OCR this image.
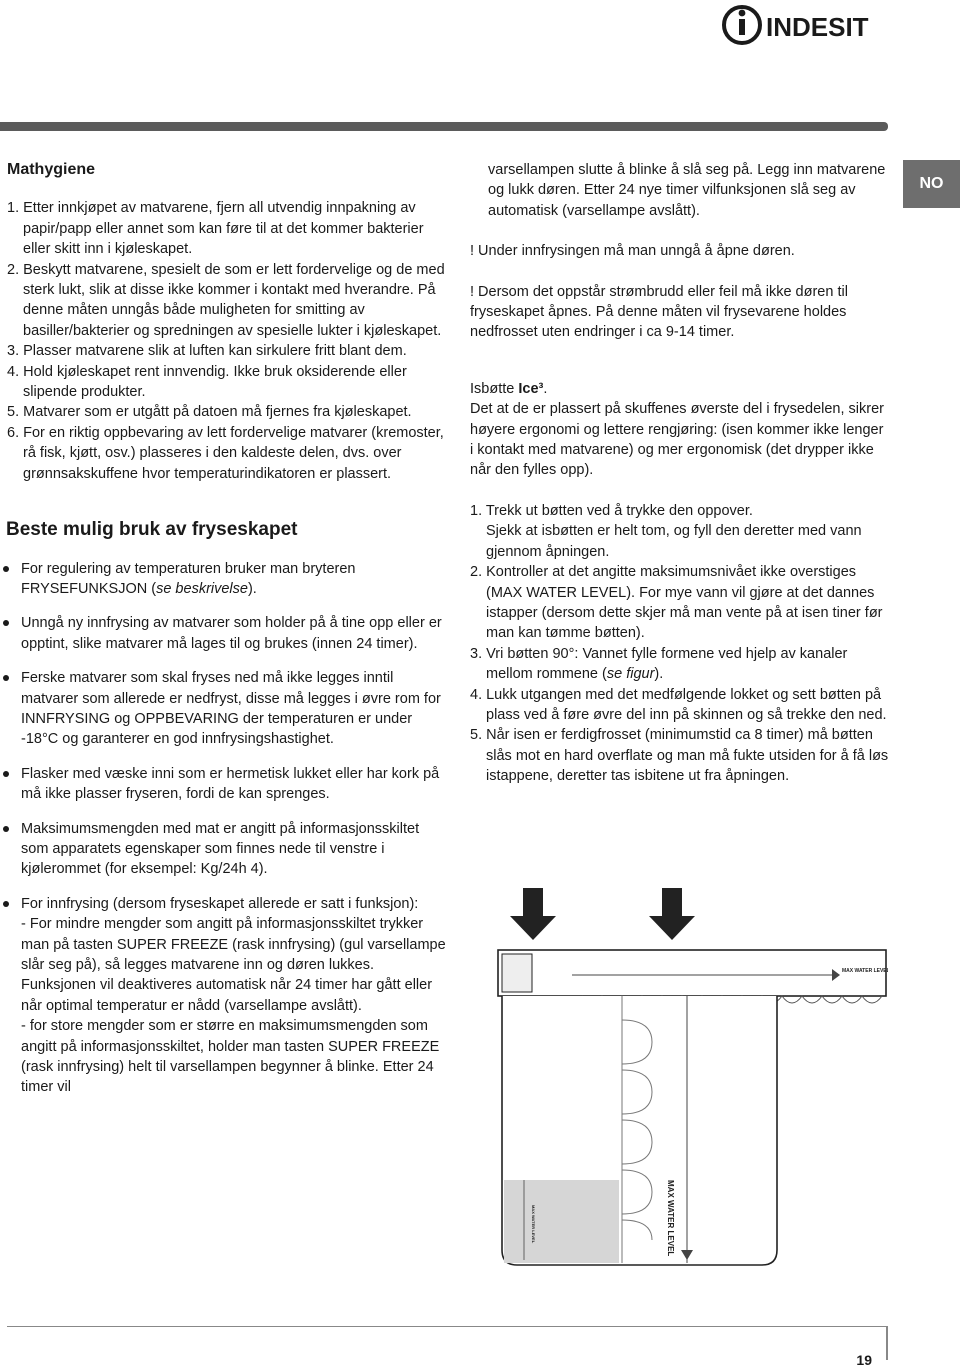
INDESIT
NO
Mathygiene
1. Etter innkjøpet av matvarene, fjern all utvendig innpakning av papir/papp eller annet som kan føre til at det kommer bakterier eller skitt inn i kjøleskapet.
2. Beskytt matvarene, spesielt de som er lett fordervelige og de med sterk lukt, slik at disse ikke kommer i kontakt med hverandre. På denne måten unngås både muligheten for smitting av basiller/bakterier og spredningen av spesielle lukter i kjøleskapet.
3. Plasser matvarene slik at luften kan sirkulere fritt blant dem.
4. Hold kjøleskapet rent innvendig. Ikke bruk oksiderende eller slipende produkter.
5. Matvarer som er utgått på datoen må fjernes fra kjøleskapet.
6. For en riktig oppbevaring av lett fordervelige matvarer (kremoster, rå fisk, kjøtt, osv.) plasseres i den kaldeste delen, dvs. over grønnsakskuffene hvor temperaturindikatoren er plassert.
Beste mulig bruk av fryseskapet
For regulering av temperaturen bruker man bryteren FRYSEFUNKSJON (se beskrivelse).
Unngå ny innfrysing av matvarer som holder på å tine opp eller er opptint, slike matvarer må lages til og brukes (innen 24 timer).
Ferske matvarer som skal fryses ned må ikke legges inntil matvarer som allerede er nedfryst, disse må legges i øvre rom for INNFRYSING og OPPBEVARING der temperaturen er under -18°C og garanterer en god innfrysingshastighet.
Flasker med væske inni som er hermetisk lukket eller har kork på må ikke plasser fryseren, fordi de kan sprenges.
Maksimumsmengden med mat er angitt på informasjonsskiltet som apparatets egenskaper som finnes nede til venstre i kjølerommet (for eksempel: Kg/24h 4).
For innfrysing (dersom fryseskapet allerede er satt i funksjon):
- For mindre mengder som angitt på informasjonsskiltet trykker man på tasten SUPER FREEZE (rask innfrysing) (gul varsellampe slår seg på), så legges matvarene inn og døren lukkes. Funksjonen vil deaktiveres automatisk når 24 timer har gått eller når optimal temperatur er nådd (varsellampe avslått).
- for store mengder som er større en maksimumsmengden som angitt på informasjonsskiltet, holder man tasten SUPER FREEZE (rask innfrysing) helt til varsellampen begynner å blinke. Etter 24 timer vil

varsellampen slutte å blinke å slå seg på. Legg inn matvarene og lukk døren. Etter 24 nye timer vilfunksjonen slå seg av automatisk (varsellampe avslått).

! Under innfrysingen må man unngå å åpne døren.

! Dersom det oppstår strømbrudd eller feil må ikke døren til fryseskapet åpnes. På denne måten vil frysevarene holdes nedfrosset uten endringer i ca 9-14 timer.

Isbøtte Ice³.

Det at de er plassert på skuffenes øverste del i frysedelen, sikrer høyere ergonomi og lettere rengjøring: (isen kommer ikke lenger i kontakt med matvarene) og mer ergonomisk (det drypper ikke når den fylles opp).

1. Trekk ut bøtten ved å trykke den oppover.
Sjekk at isbøtten er helt tom, og fyll den deretter med vann gjennom åpningen.
2. Kontroller at det angitte maksimumsnivået ikke overstiges (MAX WATER LEVEL). For mye vann vil gjøre at det dannes istapper (dersom dette skjer må man vente på at isen tiner før man kan tømme bøtten).
3. Vri bøtten 90°: Vannet fylle formene ved hjelp av kanaler mellom rommene (se figur).
4. Lukk utgangen med det medfølgende lokket og sett bøtten på plass ved å føre øvre del inn på skinnen og så trekke den ned.
5. Når isen er ferdigfrosset (minimumstid ca 8 timer) må bøtten slås mot en hard overflate og man må fukte utsiden for å få løs istappene, deretter tas isbitene ut fra åpningen.
MAX WATER LEVEL
MAX WATER LEVEL
MAX WATER LEVEL
19
